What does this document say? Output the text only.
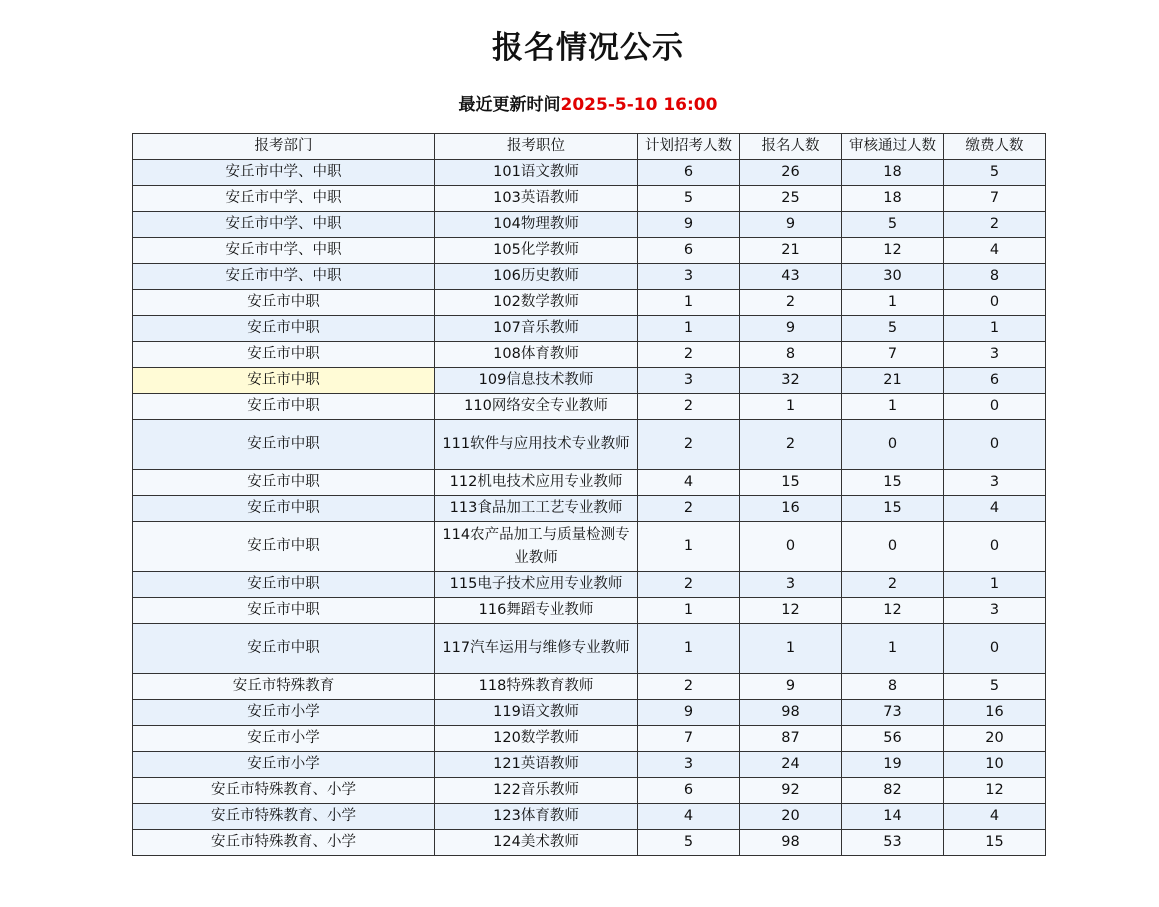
报名情况公示
最近更新时间2025-5-10 16:00
报考部门	报考职位	计划招考人数	报名人数	审核通过人数	缴费人数
安丘市中学、中职	101语文教师	6	26	18	5
安丘市中学、中职	103英语教师	5	25	18	7
安丘市中学、中职	104物理教师	9	9	5	2
安丘市中学、中职	105化学教师	6	21	12	4
安丘市中学、中职	106历史教师	3	43	30	8
安丘市中职	102数学教师	1	2	1	0
安丘市中职	107音乐教师	1	9	5	1
安丘市中职	108体育教师	2	8	7	3
安丘市中职	109信息技术教师	3	32	21	6
安丘市中职	110网络安全专业教师	2	1	1	0
安丘市中职	111软件与应用技术专业教师	2	2	0	0
安丘市中职	112机电技术应用专业教师	4	15	15	3
安丘市中职	113食品加工工艺专业教师	2	16	15	4
安丘市中职	114农产品加工与质量检测专业教师	1	0	0	0
安丘市中职	115电子技术应用专业教师	2	3	2	1
安丘市中职	116舞蹈专业教师	1	12	12	3
安丘市中职	117汽车运用与维修专业教师	1	1	1	0
安丘市特殊教育	118特殊教育教师	2	9	8	5
安丘市小学	119语文教师	9	98	73	16
安丘市小学	120数学教师	7	87	56	20
安丘市小学	121英语教师	3	24	19	10
安丘市特殊教育、小学	122音乐教师	6	92	82	12
安丘市特殊教育、小学	123体育教师	4	20	14	4
安丘市特殊教育、小学	124美术教师	5	98	53	15
